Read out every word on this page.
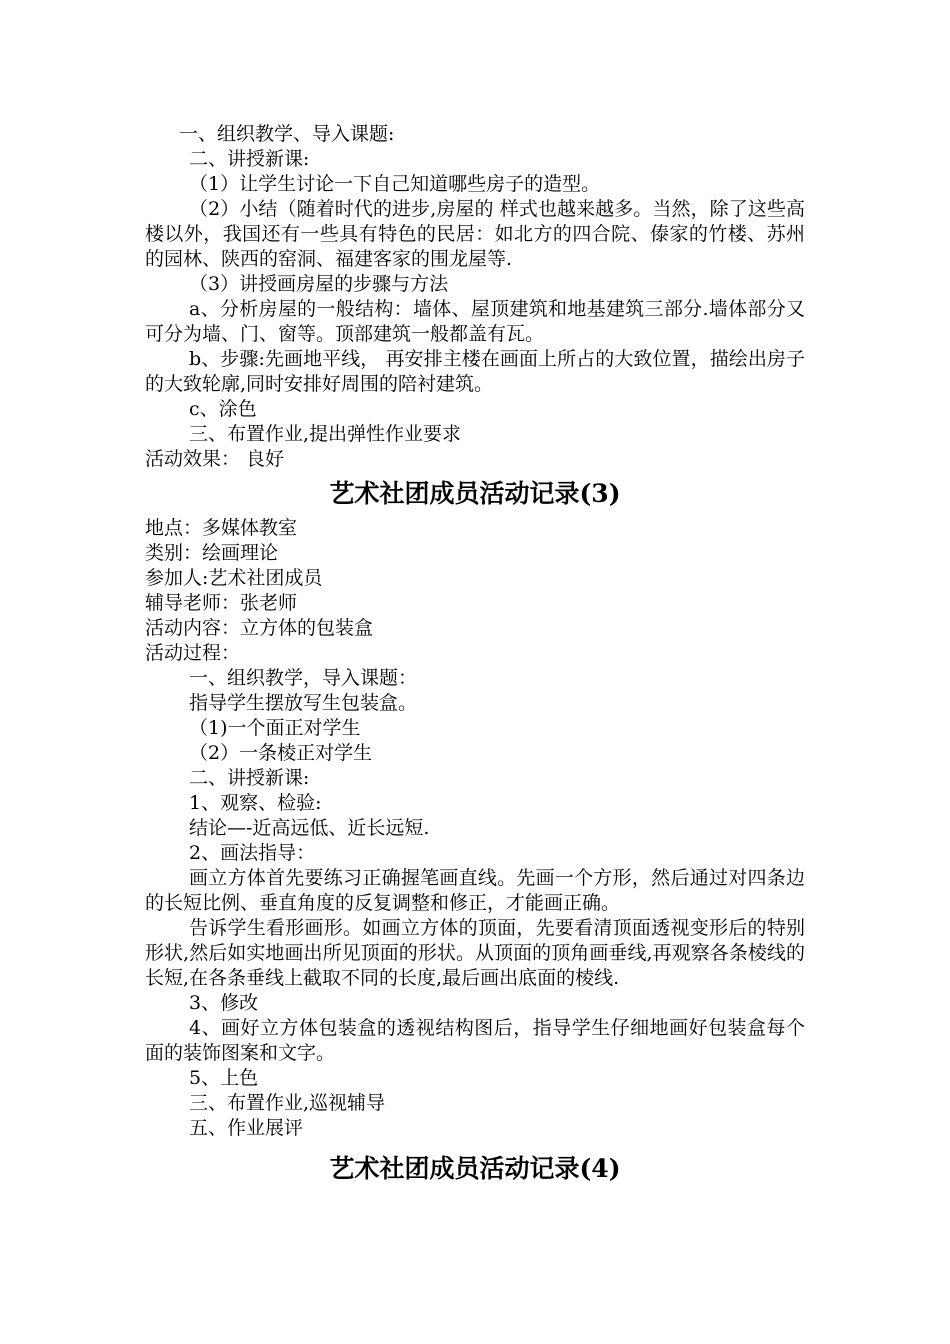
一、组织教学、导入课题:
二、讲授新课:
（1）让学生讨论一下自己知道哪些房子的造型。
（2）小结（随着时代的进步,房屋的 样式也越来越多。当然，除了这些高楼以外，我国还有一些具有特色的民居：如北方的四合院、傣家的竹楼、苏州的园林、陕西的窑洞、福建客家的围龙屋等.
（3）讲授画房屋的步骤与方法
a、分析房屋的一般结构：墙体、屋顶建筑和地基建筑三部分.墙体部分又可分为墙、门、窗等。顶部建筑一般都盖有瓦。
b、步骤:先画地平线， 再安排主楼在画面上所占的大致位置，描绘出房子的大致轮廓,同时安排好周围的陪衬建筑。
c、涂色
三、布置作业,提出弹性作业要求
活动效果： 良好
艺术社团成员活动记录(3)
地点：多媒体教室
类别：绘画理论
参加人:艺术社团成员
辅导老师：张老师
活动内容：立方体的包装盒
活动过程：
一、组织教学，导入课题：
指导学生摆放写生包装盒。
（1)一个面正对学生
（2）一条棱正对学生
二、讲授新课:
1、观察、检验:
结论—-近高远低、近长远短.
2、画法指导：
画立方体首先要练习正确握笔画直线。先画一个方形，然后通过对四条边的长短比例、垂直角度的反复调整和修正，才能画正确。
告诉学生看形画形。如画立方体的顶面，先要看清顶面透视变形后的特别形状,然后如实地画出所见顶面的形状。从顶面的顶角画垂线,再观察各条棱线的长短,在各条垂线上截取不同的长度,最后画出底面的棱线.
3、修改
4、画好立方体包装盒的透视结构图后，指导学生仔细地画好包装盒每个面的装饰图案和文字。
5、上色
三、布置作业,巡视辅导
五、作业展评
艺术社团成员活动记录(4)
